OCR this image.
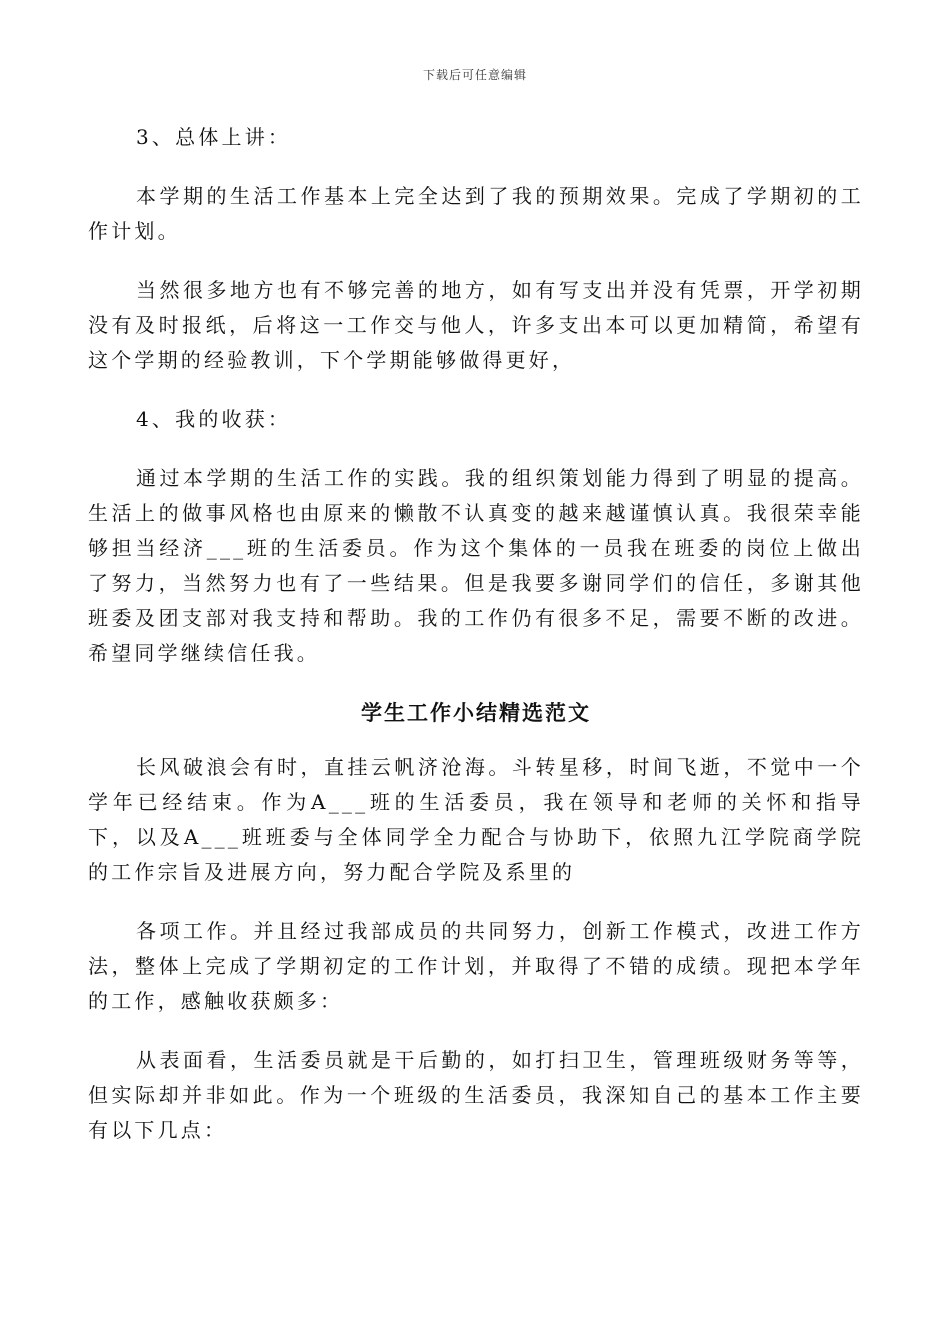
下载后可任意编辑

3、总体上讲：

本学期的生活工作基本上完全达到了我的预期效果。完成了学期初的工作计划。

当然很多地方也有不够完善的地方，如有写支出并没有凭票，开学初期没有及时报纸，后将这一工作交与他人，许多支出本可以更加精简，希望有这个学期的经验教训，下个学期能够做得更好，

4、我的收获：

通过本学期的生活工作的实践。我的组织策划能力得到了明显的提高。生活上的做事风格也由原来的懒散不认真变的越来越谨慎认真。我很荣幸能够担当经济___班的生活委员。作为这个集体的一员我在班委的岗位上做出了努力，当然努力也有了一些结果。但是我要多谢同学们的信任，多谢其他班委及团支部对我支持和帮助。我的工作仍有很多不足，需要不断的改进。希望同学继续信任我。

学生工作小结精选范文

长风破浪会有时，直挂云帆济沧海。斗转星移，时间飞逝，不觉中一个学年已经结束。作为A___班的生活委员，我在领导和老师的关怀和指导下，以及A___班班委与全体同学全力配合与协助下，依照九江学院商学院的工作宗旨及进展方向，努力配合学院及系里的

各项工作。并且经过我部成员的共同努力，创新工作模式，改进工作方法，整体上完成了学期初定的工作计划，并取得了不错的成绩。现把本学年的工作，感触收获颇多：

从表面看，生活委员就是干后勤的，如打扫卫生，管理班级财务等等，但实际却并非如此。作为一个班级的生活委员，我深知自己的基本工作主要有以下几点：
